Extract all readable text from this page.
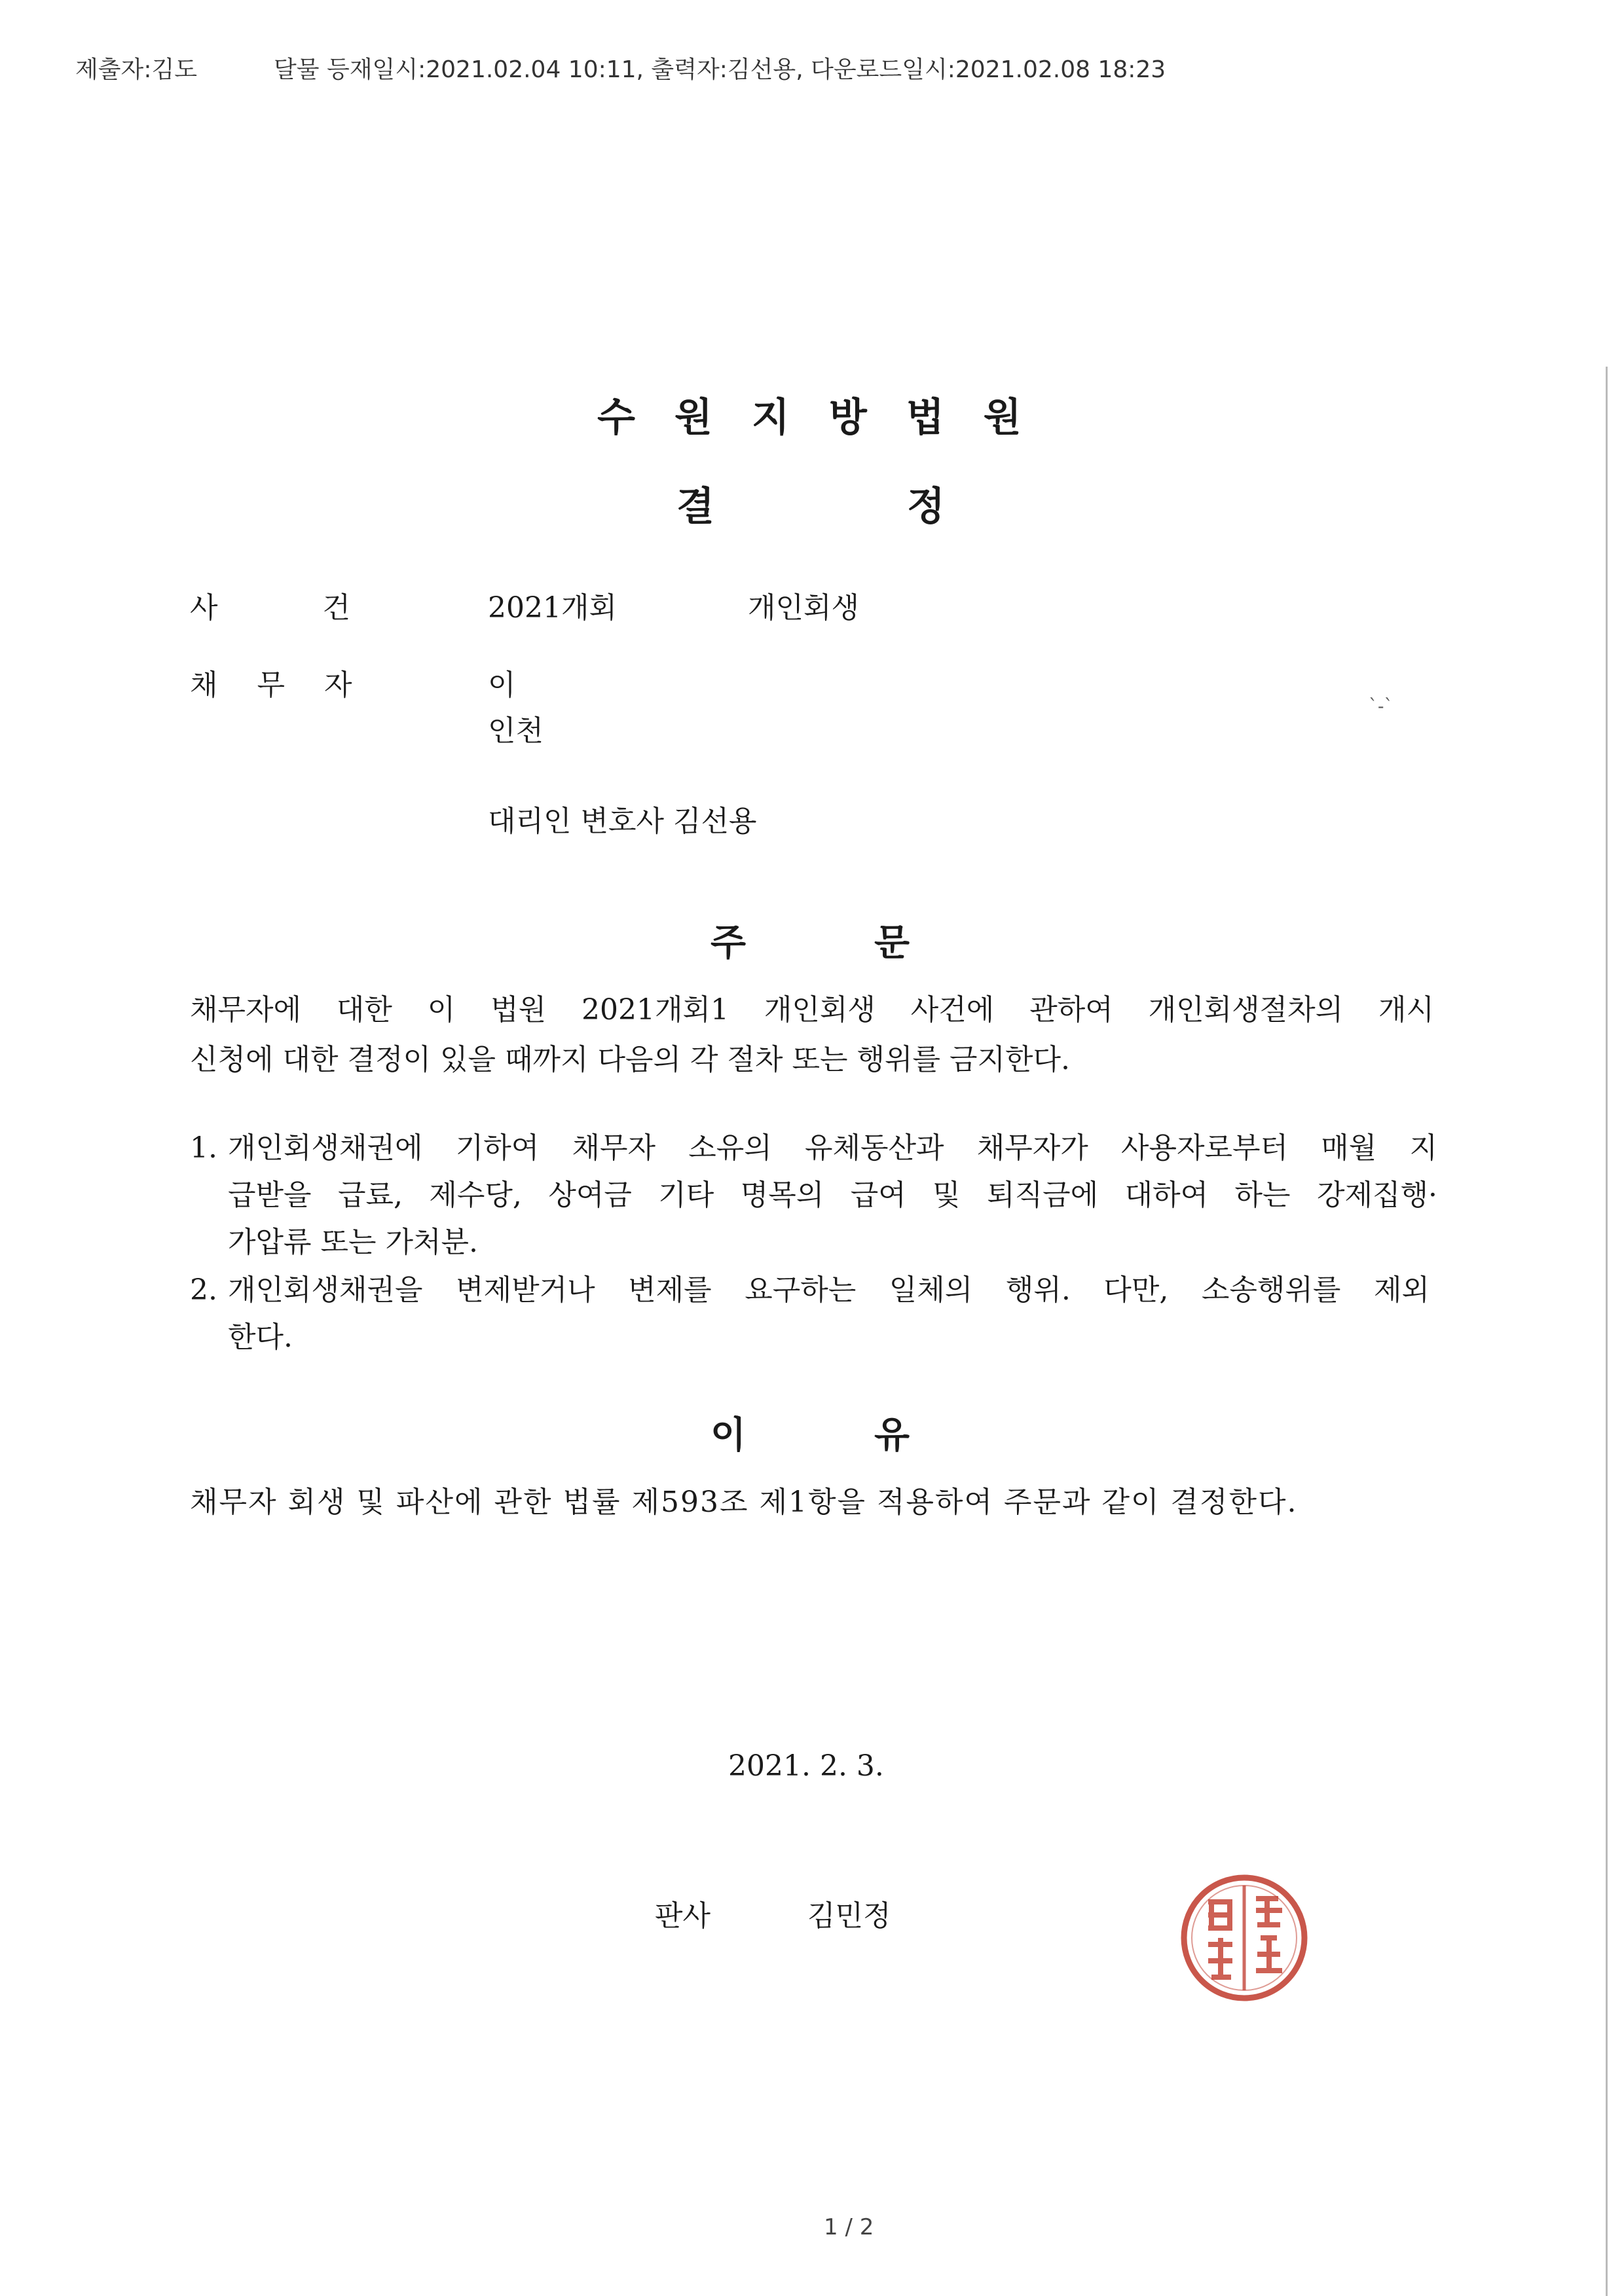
제출자:김도	달물 등재일시:2021.02.04 10:11, 출력자:김선용, 다운로드일시:2021.02.08 18:23
수원지방법원
결	정
사건 2021개회	개인회생
채무자	이
인천
`-`
대리인 변호사 김선용
주	문
채무자에 대한 이 법원 2021개회1 개인회생 사건에 관하여 개인회생절차의 개시
신청에 대한 결정이 있을 때까지 다음의 각 절차 또는 행위를 금지한다.
1. 개인회생채권에 기하여 채무자 소유의 유체동산과 채무자가 사용자로부터 매월 지
급받을 급료, 제수당, 상여금 기타 명목의 급여 및 퇴직금에 대하여 하는 강제집행·
가압류 또는 가처분.
2. 개인회생채권을 변제받거나 변제를 요구하는 일체의 행위. 다만, 소송행위를 제외
한다.
이	유
채무자 회생 및 파산에 관한 법률 제593조 제1항을 적용하여 주문과 같이 결정한다.
2021. 2. 3.
판사	김민정
1 / 2
